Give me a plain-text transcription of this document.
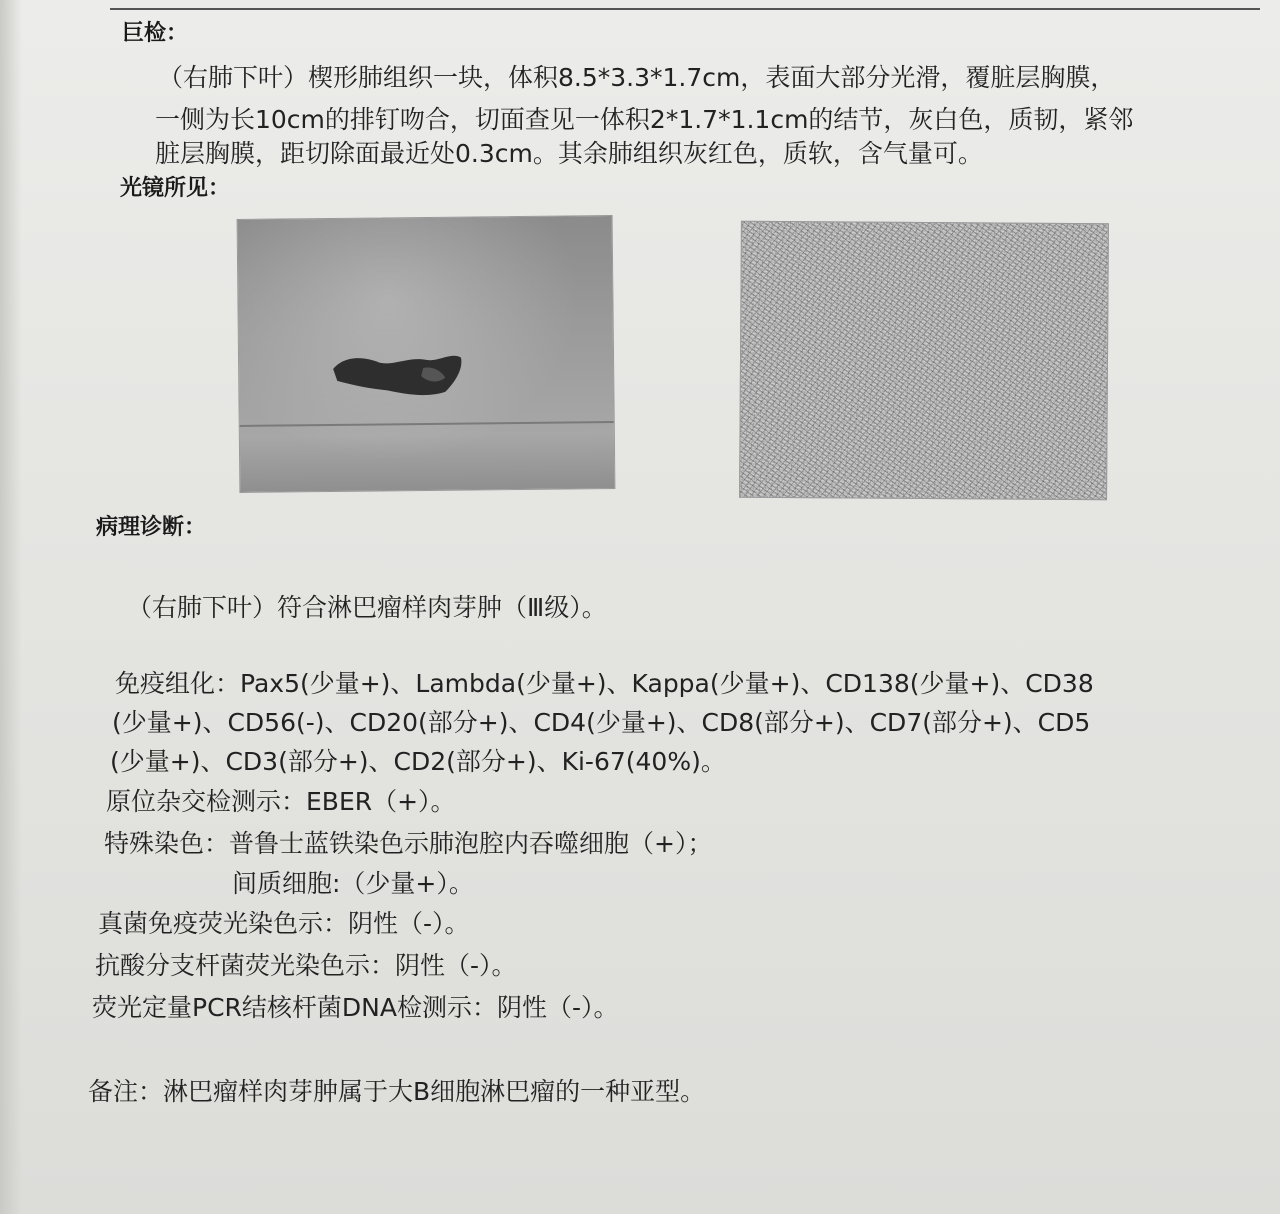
巨检：
（右肺下叶）楔形肺组织一块，体积8.5*3.3*1.7cm，表面大部分光滑，覆脏层胸膜，
一侧为长10cm的排钉吻合，切面查见一体积2*1.7*1.1cm的结节，灰白色，质韧，紧邻
脏层胸膜，距切除面最近处0.3cm。其余肺组织灰红色，质软，含气量可。
光镜所见：
病理诊断：
（右肺下叶）符合淋巴瘤样肉芽肿（Ⅲ级）。
免疫组化：Pax5(少量+)、Lambda(少量+)、Kappa(少量+)、CD138(少量+)、CD38
(少量+)、CD56(-)、CD20(部分+)、CD4(少量+)、CD8(部分+)、CD7(部分+)、CD5
(少量+)、CD3(部分+)、CD2(部分+)、Ki-67(40%)。
原位杂交检测示：EBER（+）。
特殊染色：普鲁士蓝铁染色示肺泡腔内吞噬细胞（+）；
间质细胞:（少量+）。
真菌免疫荧光染色示：阴性（-）。
抗酸分支杆菌荧光染色示：阴性（-）。
荧光定量PCR结核杆菌DNA检测示：阴性（-）。
备注：淋巴瘤样肉芽肿属于大B细胞淋巴瘤的一种亚型。
